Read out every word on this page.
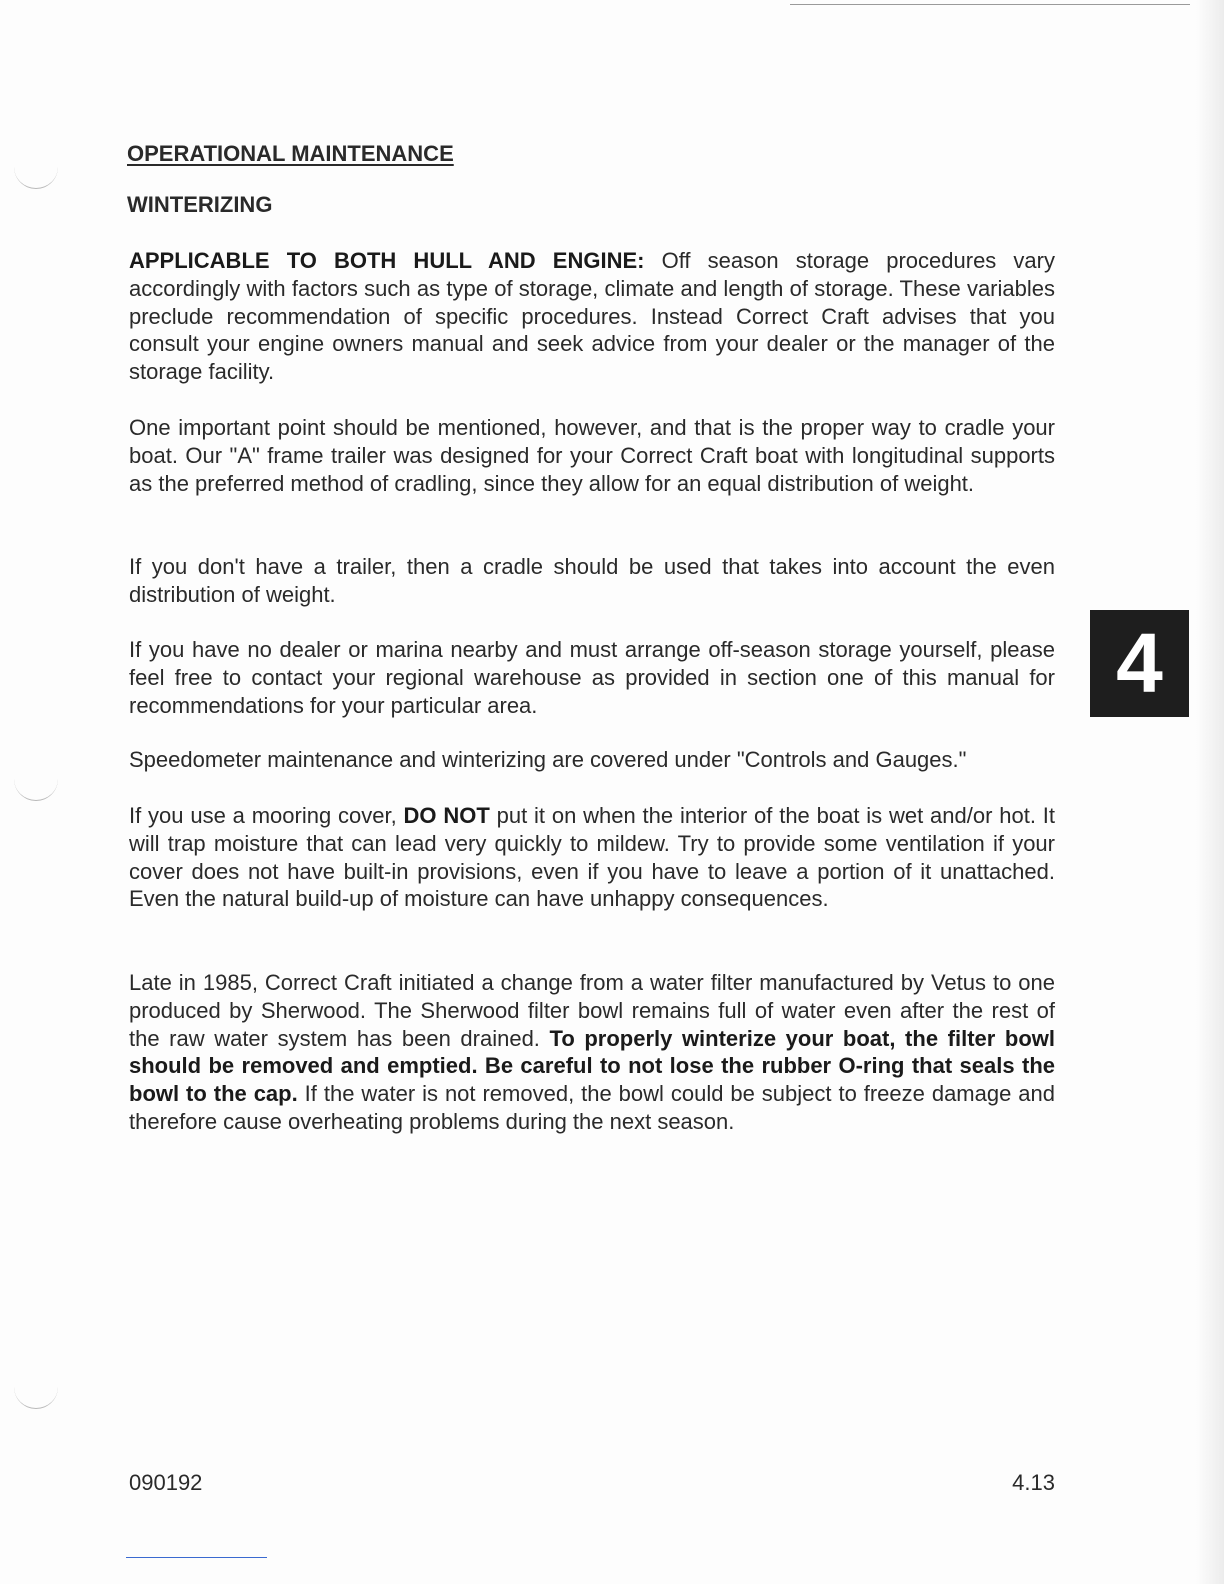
OPERATIONAL MAINTENANCE
WINTERIZING

APPLICABLE TO BOTH HULL AND ENGINE: Off season storage procedures vary accordingly with factors such as type of storage, climate and length of storage. These variables preclude recommendation of specific procedures. Instead Correct Craft advises that you consult your engine owners manual and seek advice from your dealer or the manager of the storage facility.

One important point should be mentioned, however, and that is the proper way to cradle your boat. Our "A" frame trailer was designed for your Correct Craft boat with longitudinal supports as the preferred method of cradling, since they allow for an equal distribution of weight.

If you don't have a trailer, then a cradle should be used that takes into account the even distribution of weight.

If you have no dealer or marina nearby and must arrange off-season storage yourself, please feel free to contact your regional warehouse as provided in section one of this manual for recommendations for your particular area.

Speedometer maintenance and winterizing are covered under "Controls and Gauges."

If you use a mooring cover, DO NOT put it on when the interior of the boat is wet and/or hot. It will trap moisture that can lead very quickly to mildew. Try to provide some ventilation if your cover does not have built-in provisions, even if you have to leave a portion of it unattached. Even the natural build-up of moisture can have unhappy consequences.

Late in 1985, Correct Craft initiated a change from a water filter manufactured by Vetus to one produced by Sherwood. The Sherwood filter bowl remains full of water even after the rest of the raw water system has been drained. To properly winterize your boat, the filter bowl should be removed and emptied. Be careful to not lose the rubber O-ring that seals the bowl to the cap. If the water is not removed, the bowl could be subject to freeze damage and therefore cause overheating problems during the next season.

4
090192	4.13
